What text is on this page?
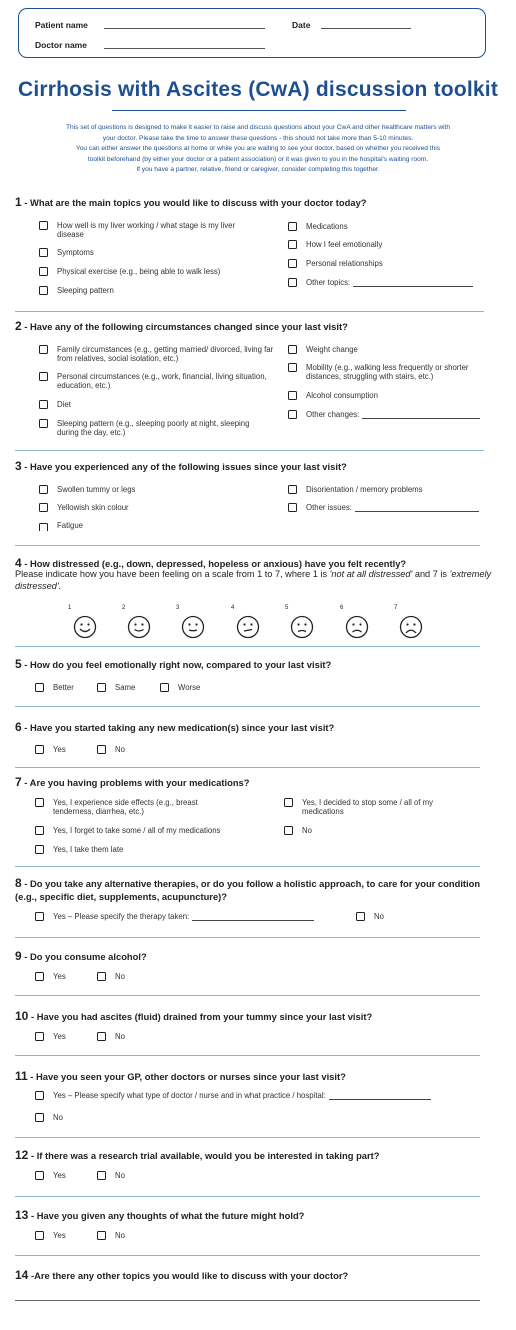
Patient name	Date
Doctor name
Cirrhosis with Ascites (CwA) discussion toolkit
This set of questions is designed to make it easier to raise and discuss questions about your CwA and other healthcare matters with
your doctor. Please take the time to answer these questions - this should not take more than 5-10 minutes.
You can either answer the questions at home or while you are waiting to see your doctor, based on whether you received this
toolkit beforehand (by either your doctor or a patient association) or it was given to you in the hospital's waiting room.
If you have a partner, relative, friend or caregiver, consider completing this together.
1 - What are the main topics you would like to discuss with your doctor today?
How well is my liver working / what stage is my liver disease
Symptoms
Physical exercise (e.g., being able to walk less)
Sleeping pattern
Medications
How I feel emotionally
Personal relationships
Other topics:
2 - Have any of the following circumstances changed since your last visit?
Family circumstances (e.g., getting married/ divorced, living far from relatives, social isolation, etc.)
Personal circumstances (e.g., work, financial, living situation, education, etc.)
Diet
Sleeping pattern (e.g., sleeping poorly at night, sleeping during the day, etc.)
Weight change
Mobility (e.g., walking less frequently or shorter distances, struggling with stairs, etc.)
Alcohol consumption
Other changes:
3 - Have you experienced any of the following issues since your last visit?
Swollen tummy or legs
Yellowish skin colour
Fatigue
Disorientation / memory problems
Other issues:
4 - How distressed (e.g., down, depressed, hopeless or anxious) have you felt recently?
Please indicate how you have been feeling on a scale from 1 to 7, where 1 is 'not at all distressed' and 7 is 'extremely distressed'.
1	2	3	4	5	6	7
5 - How do you feel emotionally right now, compared to your last visit?
Better	Same	Worse
6 - Have you started taking any new medication(s) since your last visit?
Yes	No
7 - Are you having problems with your medications?
Yes, I experience side effects (e.g., breast tenderness, diarrhea, etc.)
Yes, I forget to take some / all of my medications
Yes, I take them late
Yes, I decided to stop some / all of my medications
No
8 - Do you take any alternative therapies, or do you follow a holistic approach, to care for your condition (e.g., specific diet, supplements, acupuncture)?
Yes – Please specify the therapy taken:	No
9 - Do you consume alcohol?
Yes	No
10 - Have you had ascites (fluid) drained from your tummy since your last visit?
Yes	No
11 - Have you seen your GP, other doctors or nurses since your last visit?
Yes – Please specify what type of doctor / nurse and in what practice / hospital:
No
12 - If there was a research trial available, would you be interested in taking part?
Yes	No
13 - Have you given any thoughts of what the future might hold?
Yes	No
14 -Are there any other topics you would like to discuss with your doctor?
